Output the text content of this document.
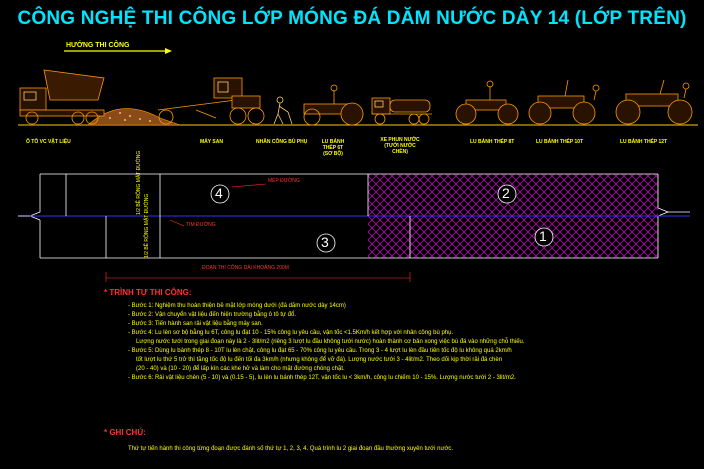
CÔNG NGHỆ THI CÔNG LỚP MÓNG ĐÁ DĂM NƯỚC DÀY 14 (LỚP TRÊN)
HƯỚNG THI CÔNG
Ô TÔ VC VẬT LIỆU	MÁY SAN	NHÂN CÔNG BÙ PHỤ	LU BÁNH THÉP 6T (SƠ BỘ)
XE PHUN NƯỚC (TƯỚI NƯỚC CHÈN)
LU BÁNH THÉP 8T	LU BÁNH THÉP 10T	LU BÁNH THÉP 12T
4	2
3	1
MÉP ĐƯỜNG
TIM ĐƯỜNG
1/2 BỀ RỘNG MẶT ĐƯỜNG
1/2 BỀ RỘNG MẶT ĐƯỜNG
ĐOẠN THI CÔNG DÀI KHOẢNG 200M
* TRÌNH TỰ THI CÔNG:
- Bước 1: Nghiệm thu hoàn thiện bề mặt lớp móng dưới (đá dăm nước dày 14cm)
- Bước 2: Vận chuyển vật liệu đến hiện trường bằng ô tô tự đổ.
- Bước 3: Tiến hành san rải vật liệu bằng máy san.
- Bước 4: Lu lèn sơ bộ bằng lu 6T, công lu đạt 10 - 15% công lu yêu cầu, vận tốc <1.5Km/h kết hợp với nhân công bù phụ.
Lượng nước tưới trong giai đoạn này là 2 - 3lit/m2 (riêng 3 lượt lu đầu không tưới nước) hoàn thành cơ bản xong việc bù đá vào những chỗ thiếu.
- Bước 5: Dùng lu bánh thép 8 - 10T lu lèn chặt, công lu đạt 65 - 70% công lu yêu cầu. Trong 3 - 4 lượt lu lèn đầu tiên tốc độ lu không quá 2km/h
tốt lượt lu thứ 5 trở thì tăng tốc độ lu đến tối đa 3km/h (nhưng không để vỡ đá). Lượng nước tưới 3 - 4lit/m2. Theo dõi kịp thời rải đá chèn
(20 - 40) và (10 - 20) để lấp kín các khe hở và làm cho mặt đường chóng chặt.
- Bước 6: Rải vật liệu chèn (5 - 10) và (0.15 - 5), lu lèn lu bánh thép 12T, vận tốc lu < 3km/h, công lu chiếm 10 - 15%. Lượng nước tưới 2 - 3lit/m2.
* GHI CHÚ:
Thứ tự tiến hành thi công từng đoạn được đánh số thứ tự 1, 2, 3, 4. Quá trình lu 2 giai đoạn đầu thường xuyên tưới nước.
